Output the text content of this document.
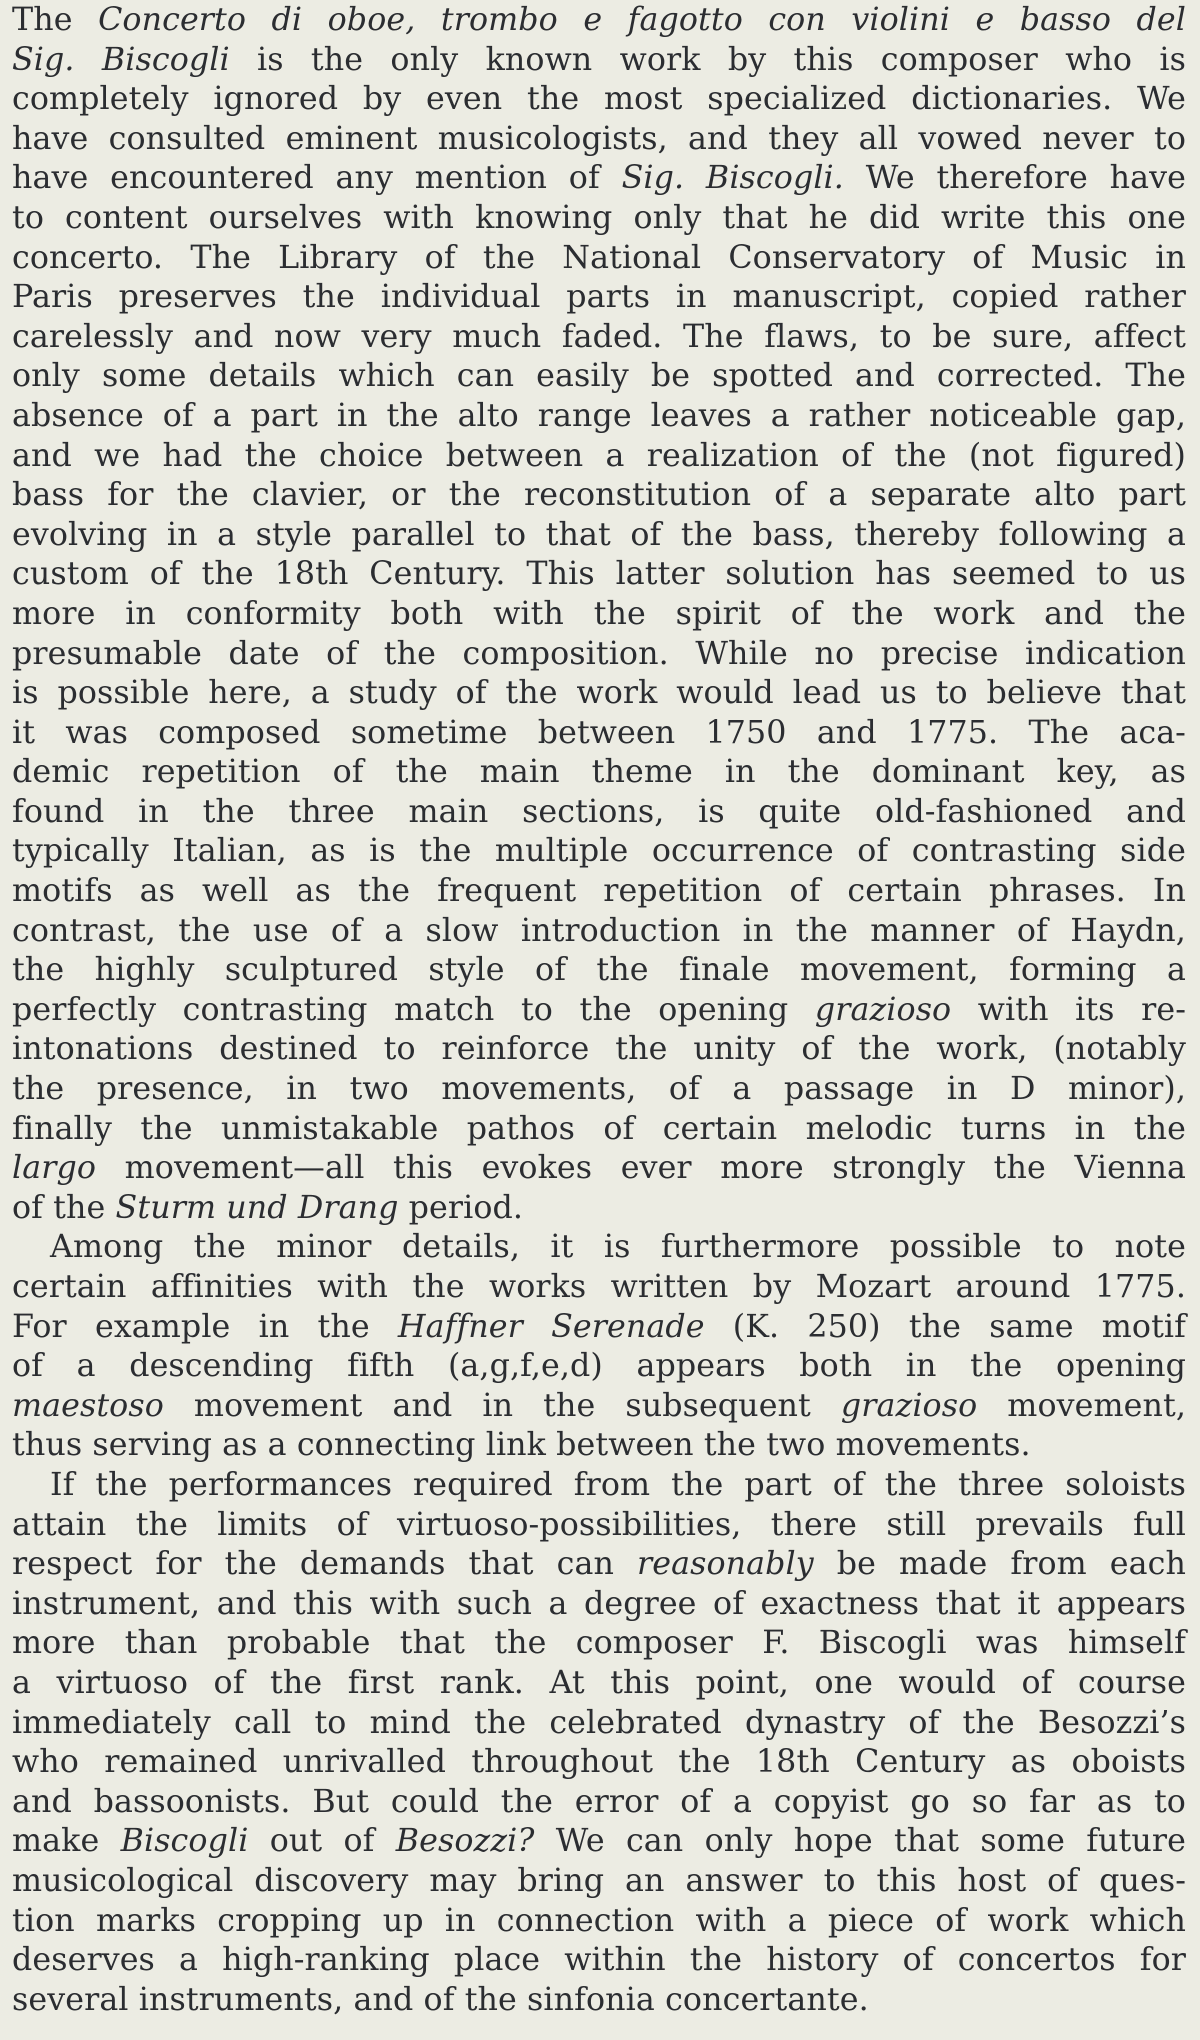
The Concerto di oboe, trombo e fagotto con violini e basso del
Sig. Biscogli is the only known work by this composer who is
completely ignored by even the most specialized dictionaries. We
have consulted eminent musicologists, and they all vowed never to
have encountered any mention of Sig. Biscogli. We therefore have
to content ourselves with knowing only that he did write this one
concerto. The Library of the National Conservatory of Music in
Paris preserves the individual parts in manuscript, copied rather
carelessly and now very much faded. The flaws, to be sure, affect
only some details which can easily be spotted and corrected. The
absence of a part in the alto range leaves a rather noticeable gap,
and we had the choice between a realization of the (not figured)
bass for the clavier, or the reconstitution of a separate alto part
evolving in a style parallel to that of the bass, thereby following a
custom of the 18th Century. This latter solution has seemed to us
more in conformity both with the spirit of the work and the
presumable date of the composition. While no precise indication
is possible here, a study of the work would lead us to believe that
it was composed sometime between 1750 and 1775. The aca-
demic repetition of the main theme in the dominant key, as
found in the three main sections, is quite old-fashioned and
typically Italian, as is the multiple occurrence of contrasting side
motifs as well as the frequent repetition of certain phrases. In
contrast, the use of a slow introduction in the manner of Haydn,
the highly sculptured style of the finale movement, forming a
perfectly contrasting match to the opening grazioso with its re-
intonations destined to reinforce the unity of the work, (notably
the presence, in two movements, of a passage in D minor),
finally the unmistakable pathos of certain melodic turns in the
largo movement—all this evokes ever more strongly the Vienna
of the Sturm und Drang period.
Among the minor details, it is furthermore possible to note
certain affinities with the works written by Mozart around 1775.
For example in the Haffner Serenade (K. 250) the same motif
of a descending fifth (a,g,f,e,d) appears both in the opening
maestoso movement and in the subsequent grazioso movement,
thus serving as a connecting link between the two movements.
If the performances required from the part of the three soloists
attain the limits of virtuoso-possibilities, there still prevails full
respect for the demands that can reasonably be made from each
instrument, and this with such a degree of exactness that it appears
more than probable that the composer F. Biscogli was himself
a virtuoso of the first rank. At this point, one would of course
immediately call to mind the celebrated dynastry of the Besozzi’s
who remained unrivalled throughout the 18th Century as oboists
and bassoonists. But could the error of a copyist go so far as to
make Biscogli out of Besozzi? We can only hope that some future
musicological discovery may bring an answer to this host of ques-
tion marks cropping up in connection with a piece of work which
deserves a high-ranking place within the history of concertos for
several instruments, and of the sinfonia concertante.
